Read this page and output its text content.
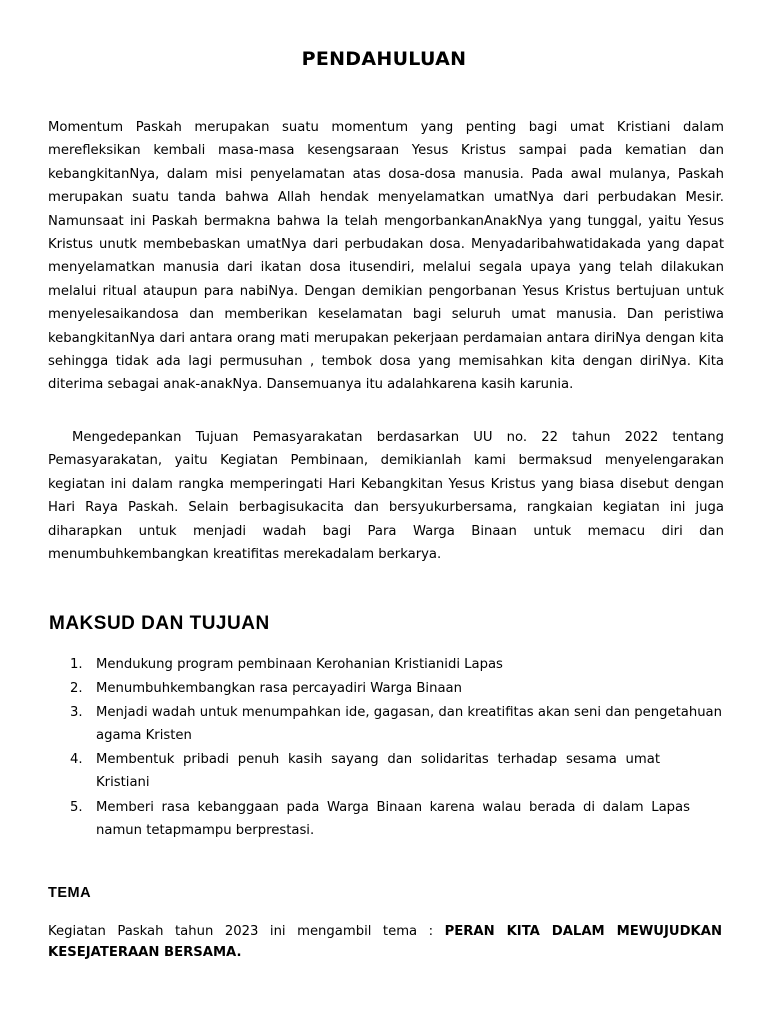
PENDAHULUAN

Momentum Paskah merupakan suatu momentum yang penting bagi umat Kristiani dalam merefleksikan kembali masa-masa kesengsaraan Yesus Kristus sampai pada kematian dan kebangkitanNya, dalam misi penyelamatan atas dosa-dosa manusia. Pada awal mulanya, Paskah merupakan suatu tanda bahwa Allah hendak menyelamatkan umatNya dari perbudakan Mesir. Namunsaat ini Paskah bermakna bahwa Ia telah mengorbankanAnakNya yang tunggal, yaitu Yesus Kristus unutk membebaskan umatNya dari perbudakan dosa. Menyadaribahwatidakada yang dapat menyelamatkan manusia dari ikatan dosa itusendiri, melalui segala upaya yang telah dilakukan melalui ritual ataupun para nabiNya. Dengan demikian pengorbanan Yesus Kristus bertujuan untuk menyelesaikandosa dan memberikan keselamatan bagi seluruh umat manusia. Dan peristiwa kebangkitanNya dari antara orang mati merupakan pekerjaan perdamaian antara diriNya dengan kita sehingga tidak ada lagi permusuhan , tembok dosa yang memisahkan kita dengan diriNya. Kita diterima sebagai anak-anakNya. Dansemuanya itu adalahkarena kasih karunia.

Mengedepankan Tujuan Pemasyarakatan berdasarkan UU no. 22 tahun 2022 tentang Pemasyarakatan, yaitu Kegiatan Pembinaan, demikianlah kami bermaksud menyelengarakan kegiatan ini dalam rangka memperingati Hari Kebangkitan Yesus Kristus yang biasa disebut dengan Hari Raya Paskah. Selain berbagisukacita dan bersyukurbersama, rangkaian kegiatan ini juga diharapkan untuk menjadi wadah bagi Para Warga Binaan untuk memacu diri dan menumbuhkembangkan kreatifitas merekadalam berkarya.

MAKSUD DAN TUJUAN
1. Mendukung program pembinaan Kerohanian Kristianidi Lapas
2. Menumbuhkembangkan rasa percayadiri Warga Binaan
3. Menjadi wadah untuk menumpahkan ide, gagasan, dan kreatifitas akan seni dan pengetahuan agama Kristen
4. Membentuk pribadi penuh kasih sayang dan solidaritas terhadap sesama umat Kristiani
5. Memberi rasa kebanggaan pada Warga Binaan karena walau berada di dalam Lapas namun tetapmampu berprestasi.
TEMA

Kegiatan Paskah tahun 2023 ini mengambil tema : PERAN KITA DALAM MEWUJUDKAN KESEJATERAAN BERSAMA.
